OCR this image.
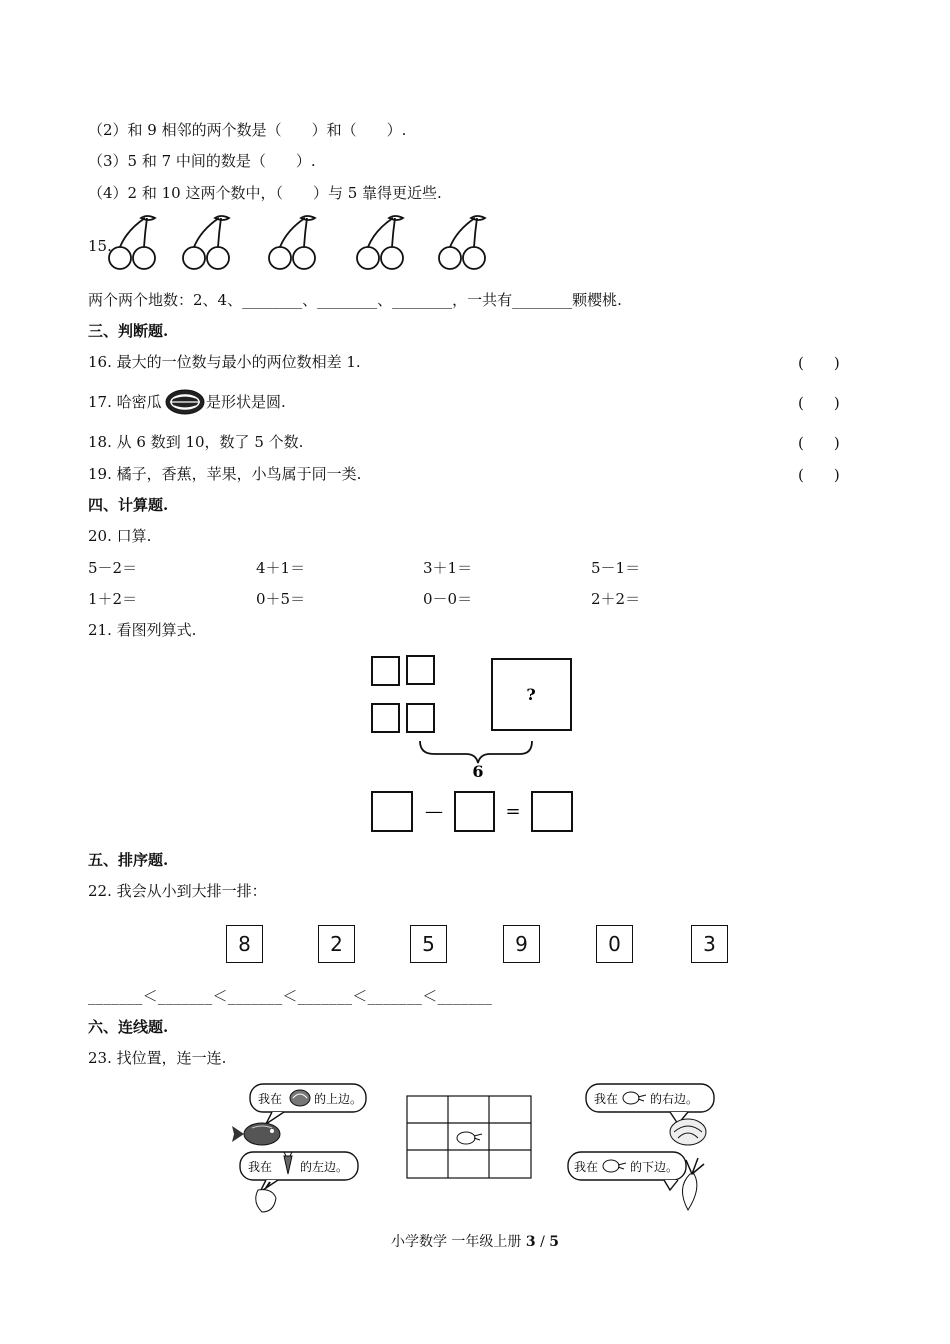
（2）和 9 相邻的两个数是（　　）和（　　）.
（3）5 和 7 中间的数是（　　）.
（4）2 和 10 这两个数中，（　　）与 5 靠得更近些.
15.
两个两个地数：2、4、________、________、________，一共有________颗樱桃.
三、判断题.
16. 最大的一位数与最小的两位数相差 1.	(　　)
17. 哈密瓜	是形状是圆.	(　　)
18. 从 6 数到 10，数了 5 个数.	(　　)
19. 橘子，香蕉，苹果，小鸟属于同一类.	(　　)
四、计算题.
20. 口算.
5－2＝	4＋1＝	3＋1＝	5－1＝
1＋2＝	0＋5＝	0－0＝	2＋2＝
21. 看图列算式.
?
6
—	=
五、排序题.
22. 我会从小到大排一排：
8	2	5	9	0	3
_______＜_______＜_______＜_______＜_______＜_______
六、连线题.
23. 找位置，连一连.
我在	的上边。
我在 的左边。
我在	的右边。
我在	的下边。
小学数学 一年级上册 3 / 5
